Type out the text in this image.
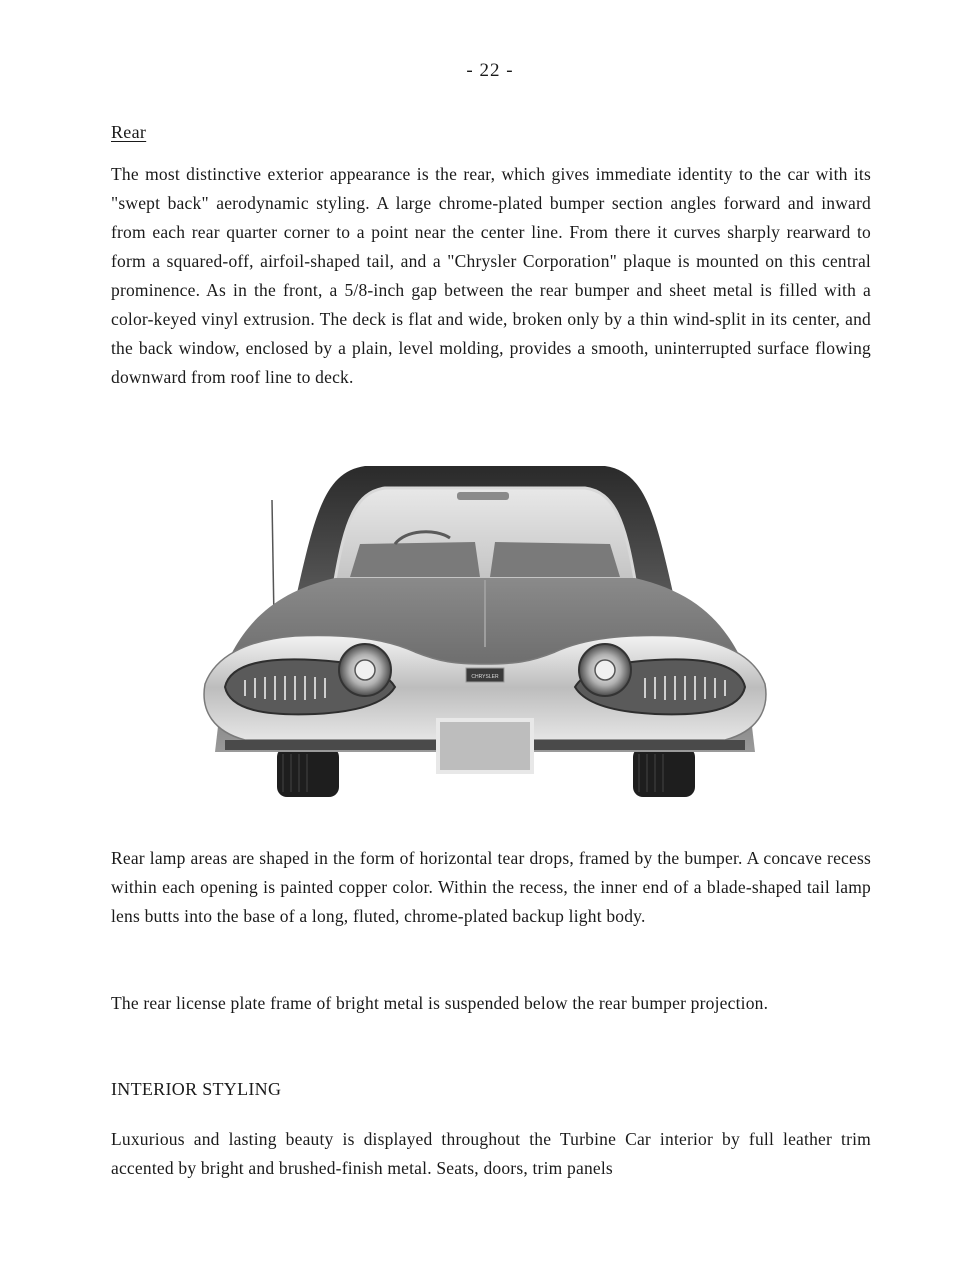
- 22 -
Rear

The most distinctive exterior appearance is the rear, which gives immediate identity to the car with its "swept back" aerodynamic styling. A large chrome-plated bumper section angles forward and inward from each rear quarter corner to a point near the center line. From there it curves sharply rearward to form a squared-off, airfoil-shaped tail, and a "Chrysler Corporation" plaque is mounted on this central prominence. As in the front, a 5/8-inch gap between the rear bumper and sheet metal is filled with a color-keyed vinyl extrusion. The deck is flat and wide, broken only by a thin wind-split in its center, and the back window, enclosed by a plain, level molding, provides a smooth, uninterrupted surface flowing downward from roof line to deck.

CHRYSLER

Rear lamp areas are shaped in the form of horizontal tear drops, framed by the bumper. A concave recess within each opening is painted copper color. Within the recess, the inner end of a blade-shaped tail lamp lens butts into the base of a long, fluted, chrome-plated backup light body.

The rear license plate frame of bright metal is suspended below the rear bumper projection.

INTERIOR STYLING

Luxurious and lasting beauty is displayed throughout the Turbine Car interior by full leather trim accented by bright and brushed-finish metal. Seats, doors, trim panels
